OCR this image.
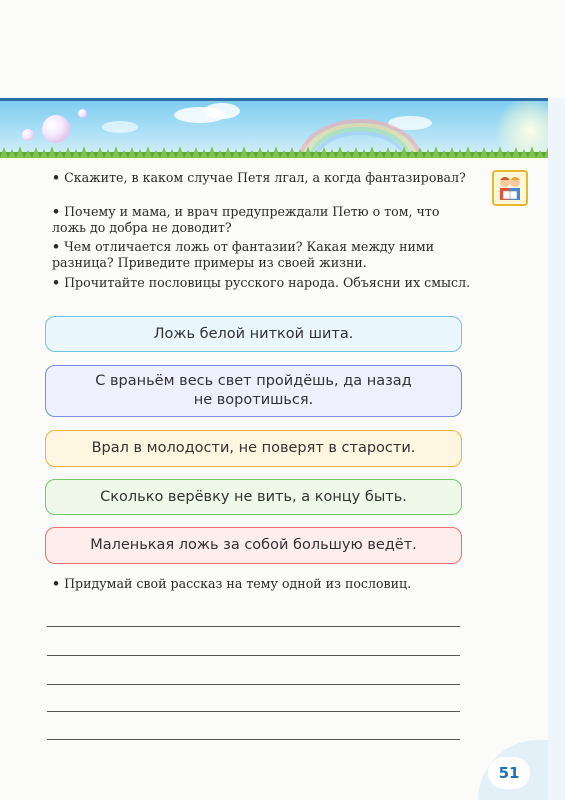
• Скажите, в каком случае Петя лгал, а когда фантазировал?
• Почему и мама, и врач предупреждали Петю о том, что ложь до добра не доводит?
• Чем отличается ложь от фантазии? Какая между ними разница? Приведите примеры из своей жизни.
• Прочитайте пословицы русского народа. Объясни их смысл.
Ложь белой ниткой шита.
С враньём весь свет пройдёшь, да назад не воротишься.
Врал в молодости, не поверят в старости.
Сколько верёвку не вить, а концу быть.
Маленькая ложь за собой большую ведёт.
• Придумай свой рассказ на тему одной из пословиц.
51
